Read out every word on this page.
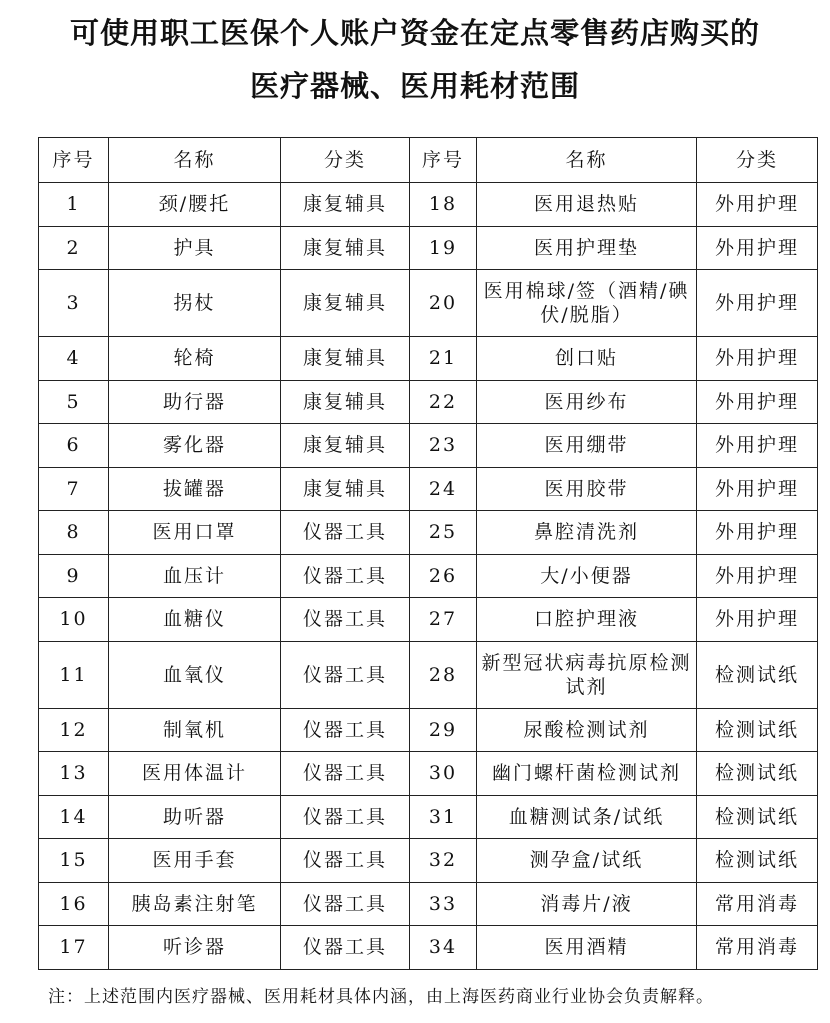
可使用职工医保个人账户资金在定点零售药店购买的
医疗器械、医用耗材范围
序号	名称	分类	序号	名称	分类
1	颈/腰托	康复辅具	18	医用退热贴	外用护理
2	护具	康复辅具	19	医用护理垫	外用护理
3	拐杖	康复辅具	20	医用棉球/签（酒精/碘伏/脱脂）	外用护理
4	轮椅	康复辅具	21	创口贴	外用护理
5	助行器	康复辅具	22	医用纱布	外用护理
6	雾化器	康复辅具	23	医用绷带	外用护理
7	拔罐器	康复辅具	24	医用胶带	外用护理
8	医用口罩	仪器工具	25	鼻腔清洗剂	外用护理
9	血压计	仪器工具	26	大/小便器	外用护理
10	血糖仪	仪器工具	27	口腔护理液	外用护理
11	血氧仪	仪器工具	28	新型冠状病毒抗原检测试剂	检测试纸
12	制氧机	仪器工具	29	尿酸检测试剂	检测试纸
13	医用体温计	仪器工具	30	幽门螺杆菌检测试剂	检测试纸
14	助听器	仪器工具	31	血糖测试条/试纸	检测试纸
15	医用手套	仪器工具	32	测孕盒/试纸	检测试纸
16	胰岛素注射笔	仪器工具	33	消毒片/液	常用消毒
17	听诊器	仪器工具	34	医用酒精	常用消毒
注：上述范围内医疗器械、医用耗材具体内涵，由上海医药商业行业协会负责解释。
